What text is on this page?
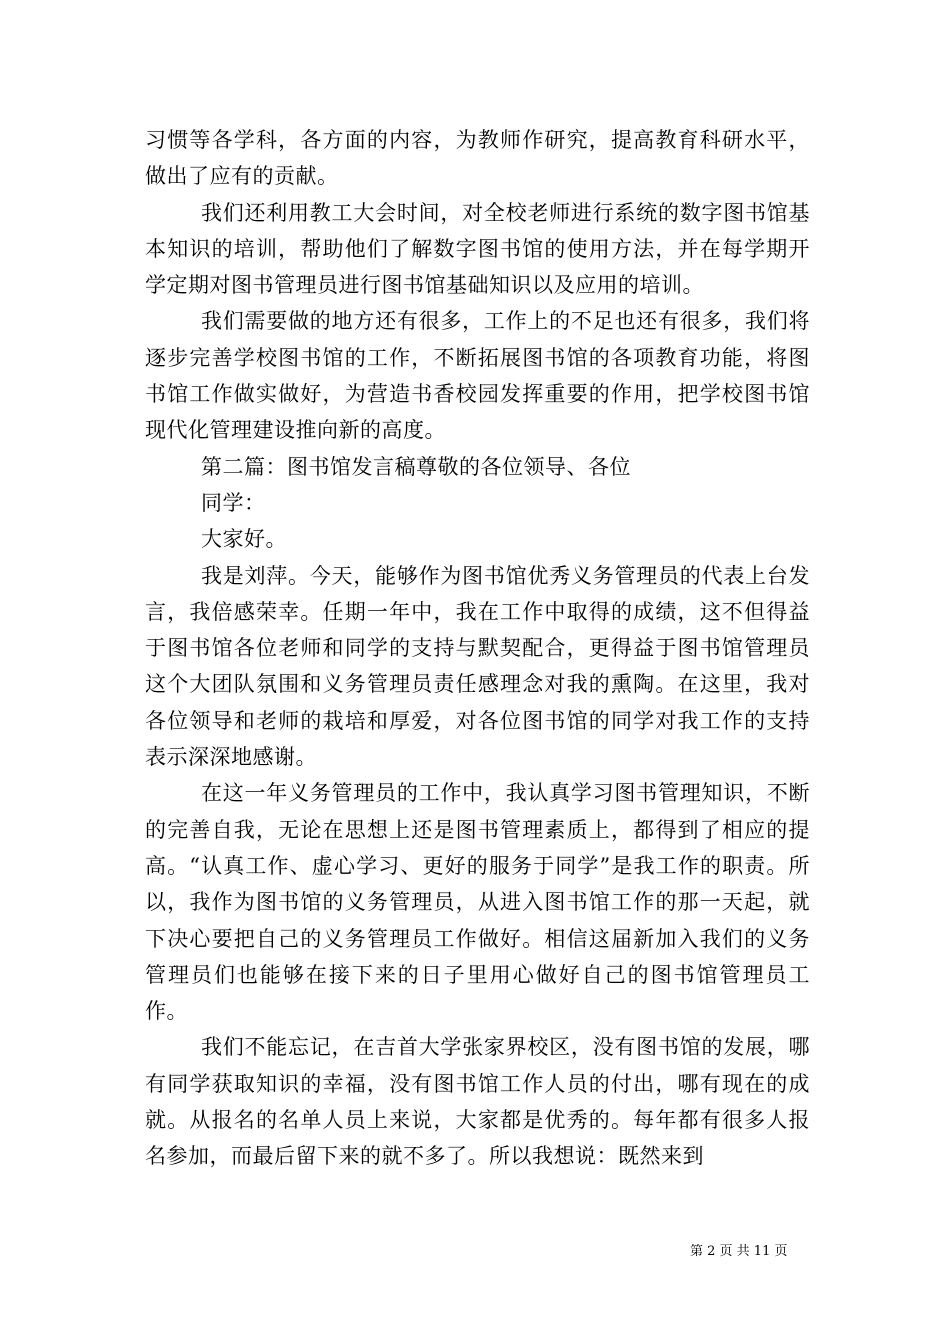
习惯等各学科，各方面的内容，为教师作研究，提高教育科研水平，做出了应有的贡献。

我们还利用教工大会时间，对全校老师进行系统的数字图书馆基本知识的培训，帮助他们了解数字图书馆的使用方法，并在每学期开学定期对图书管理员进行图书馆基础知识以及应用的培训。

我们需要做的地方还有很多，工作上的不足也还有很多，我们将逐步完善学校图书馆的工作，不断拓展图书馆的各项教育功能，将图书馆工作做实做好，为营造书香校园发挥重要的作用，把学校图书馆现代化管理建设推向新的高度。

第二篇：图书馆发言稿尊敬的各位领导、各位

同学：

大家好。

我是刘萍。今天，能够作为图书馆优秀义务管理员的代表上台发言，我倍感荣幸。任期一年中，我在工作中取得的成绩，这不但得益于图书馆各位老师和同学的支持与默契配合，更得益于图书馆管理员这个大团队氛围和义务管理员责任感理念对我的熏陶。在这里，我对各位领导和老师的栽培和厚爱，对各位图书馆的同学对我工作的支持表示深深地感谢。

在这一年义务管理员的工作中，我认真学习图书管理知识，不断的完善自我，无论在思想上还是图书管理素质上，都得到了相应的提高。“认真工作、虚心学习、更好的服务于同学”是我工作的职责。所以，我作为图书馆的义务管理员，从进入图书馆工作的那一天起，就下决心要把自己的义务管理员工作做好。相信这届新加入我们的义务管理员们也能够在接下来的日子里用心做好自己的图书馆管理员工作。

我们不能忘记，在吉首大学张家界校区，没有图书馆的发展，哪有同学获取知识的幸福，没有图书馆工作人员的付出，哪有现在的成就。从报名的名单人员上来说，大家都是优秀的。每年都有很多人报名参加，而最后留下来的就不多了。所以我想说：既然来到

第 2 页 共 11 页
